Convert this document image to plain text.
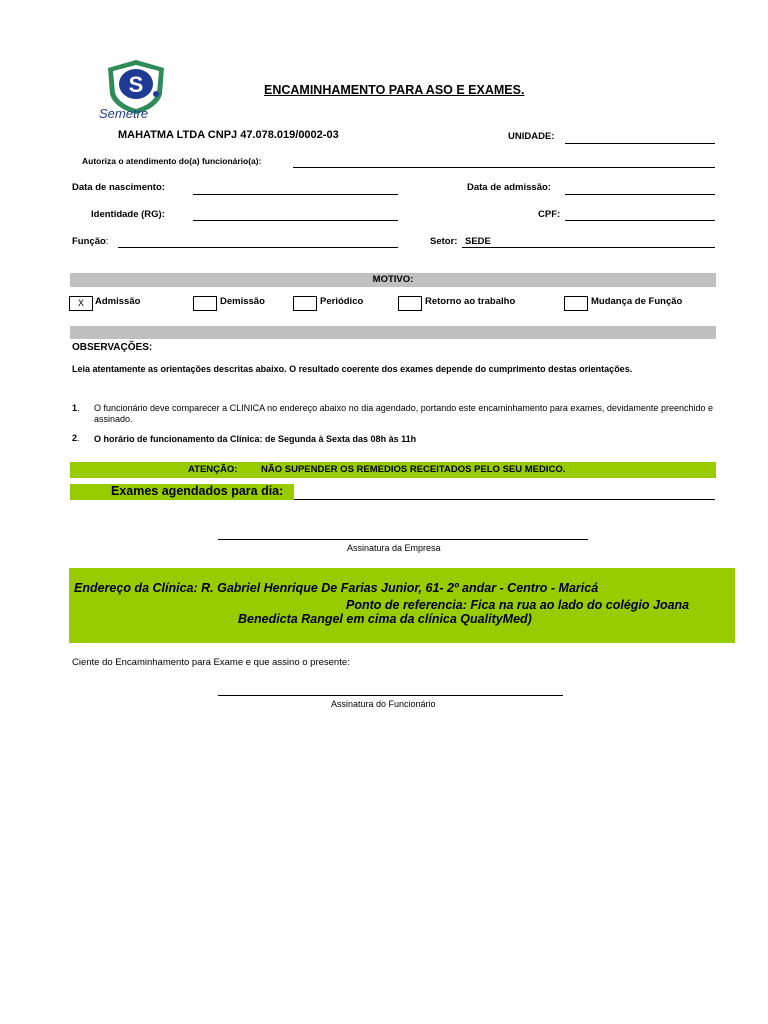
S
Semetre
ENCAMINHAMENTO PARA ASO E EXAMES.
MAHATMA LTDA CNPJ 47.078.019/0002-03	UNIDADE:
Autoriza o atendimento do(a) funcionário(a):
Data de nascimento:	Data de admissão:
Identidade (RG):	CPF:
Função:	Setor: SEDE
MOTIVO:
X	Admissão	Demissão	Periódico	Retorno ao trabalho	Mudança de Função
OBSERVAÇÕES:
Leia atentamente as orientações descritas abaixo. O resultado coerente dos exames depende do cumprimento destas orientações.
1. O funcionário deve comparecer a CLINICA no endereço abaixo no dia agendado, portando este encaminhamento para exames, devidamente preenchido e assinado.
2. O horário de funcionamento da Clínica: de Segunda à Sexta das 08h às 11h
ATENÇÃO: NÃO SUPENDER OS REMEDIOS RECEITADOS PELO SEU MEDICO.
Exames agendados para dia:
Assinatura da Empresa
Endereço da Clínica: R. Gabriel Henrique De Farias Junior, 61- 2º andar - Centro - Maricá
Ponto de referencia: Fica na rua ao lado do colégio Joana
Benedicta Rangel em cima da clínica QualityMed)
Ciente do Encaminhamento para Exame e que assino o presente:
Assinatura do Funcionário
